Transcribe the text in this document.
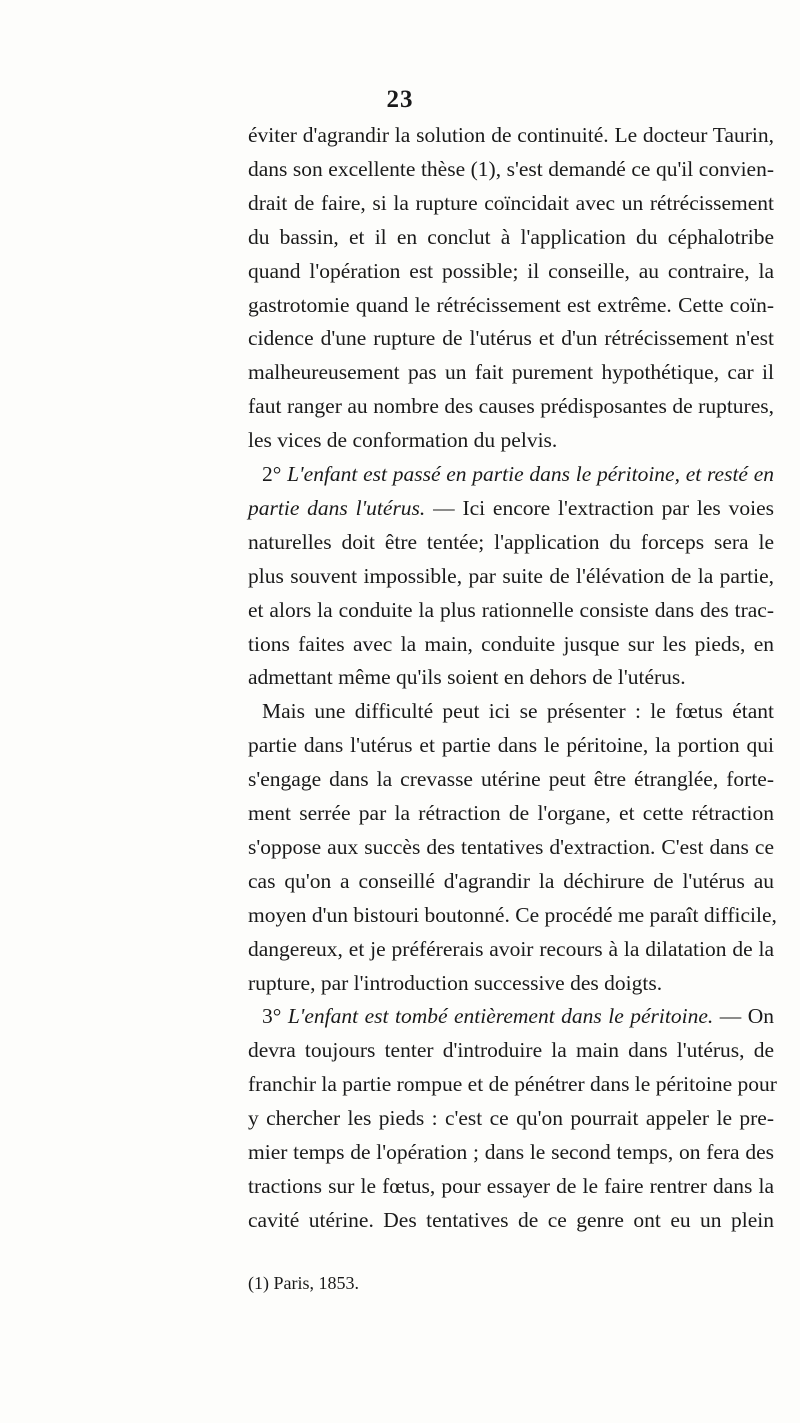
23
éviter d'agrandir la solution de continuité. Le docteur Taurin,
dans son excellente thèse (1), s'est demandé ce qu'il convien-
drait de faire, si la rupture coïncidait avec un rétrécissement
du bassin, et il en conclut à l'application du céphalotribe
quand l'opération est possible; il conseille, au contraire, la
gastrotomie quand le rétrécissement est extrême. Cette coïn-
cidence d'une rupture de l'utérus et d'un rétrécissement n'est
malheureusement pas un fait purement hypothétique, car il
faut ranger au nombre des causes prédisposantes de ruptures,
les vices de conformation du pelvis.
2° L'enfant est passé en partie dans le péritoine, et resté en
partie dans l'utérus. — Ici encore l'extraction par les voies
naturelles doit être tentée; l'application du forceps sera le
plus souvent impossible, par suite de l'élévation de la partie,
et alors la conduite la plus rationnelle consiste dans des trac-
tions faites avec la main, conduite jusque sur les pieds, en
admettant même qu'ils soient en dehors de l'utérus.
Mais une difficulté peut ici se présenter : le fœtus étant
partie dans l'utérus et partie dans le péritoine, la portion qui
s'engage dans la crevasse utérine peut être étranglée, forte-
ment serrée par la rétraction de l'organe, et cette rétraction
s'oppose aux succès des tentatives d'extraction. C'est dans ce
cas qu'on a conseillé d'agrandir la déchirure de l'utérus au
moyen d'un bistouri boutonné. Ce procédé me paraît difficile,
dangereux, et je préférerais avoir recours à la dilatation de la
rupture, par l'introduction successive des doigts.
3° L'enfant est tombé entièrement dans le péritoine. — On
devra toujours tenter d'introduire la main dans l'utérus, de
franchir la partie rompue et de pénétrer dans le péritoine pour
y chercher les pieds : c'est ce qu'on pourrait appeler le pre-
mier temps de l'opération ; dans le second temps, on fera des
tractions sur le fœtus, pour essayer de le faire rentrer dans la
cavité utérine. Des tentatives de ce genre ont eu un plein
(1) Paris, 1853.
